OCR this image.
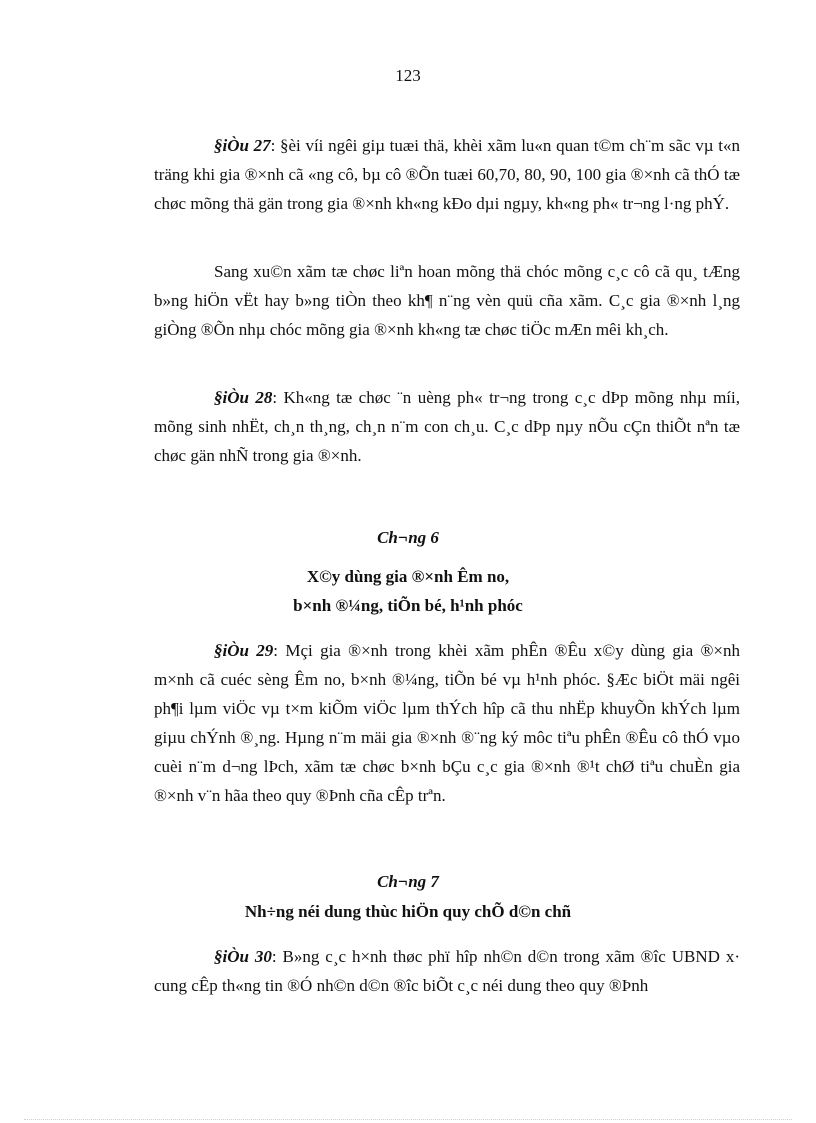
123

§iÒu 27: §èi víi ngêi giµ tuæi thä, khèi xãm lu«n quan t©m ch¨m sãc vµ t«n träng khi gia ®×nh cã «ng cô, bµ cô ®Õn tuæi 60,70, 80, 90, 100 gia ®×nh cã thÓ tæ chøc mõng thä gän trong gia ®×nh kh«ng kÐo dµi ngµy, kh«ng ph« tr¬ng l·ng phÝ.

Sang xu©n xãm tæ chøc liªn hoan mõng thä chóc mõng c¸c cô cã qu¸ tÆng b»ng hiÖn vËt hay b»ng tiÒn theo kh¶ n¨ng vèn quü cña xãm. C¸c gia ®×nh l¸ng giÒng ®Õn nhµ chóc mõng gia ®×nh kh«ng tæ chøc tiÖc mÆn mêi kh¸ch.

§iÒu 28: Kh«ng tæ chøc ¨n uèng ph« tr¬ng trong c¸c dÞp mõng nhµ míi, mõng sinh nhËt, ch¸n th¸ng, ch¸n n¨m con ch¸u. C¸c dÞp nµy nÕu cÇn thiÕt nªn tæ chøc gän nhÑ trong gia ®×nh.

Ch¬ng 6
X©y dùng gia ®×nh Êm no,
b×nh ®¼ng, tiÕn bé, h¹nh phóc

§iÒu 29: Mçi gia ®×nh trong khèi xãm phÊn ®Êu x©y dùng gia ®×nh m×nh cã cuéc sèng Êm no, b×nh ®¼ng, tiÕn bé vµ h¹nh phóc. §Æc biÖt mäi ngêi ph¶i lµm viÖc vµ t×m kiÕm viÖc lµm thÝch hîp cã thu nhËp khuyÕn khÝch lµm giµu chÝnh ®¸ng. Hµng n¨m mäi gia ®×nh ®¨ng ký môc tiªu phÊn ®Êu cô thÓ vµo cuèi n¨m d¬ng lÞch, xãm tæ chøc b×nh bÇu c¸c gia ®×nh ®¹t chØ tiªu chuÈn gia ®×nh v¨n hãa theo quy ®Þnh cña cÊp trªn.

Ch¬ng 7
Nh÷ng néi dung thùc hiÖn quy chÕ d©n chñ

§iÒu 30: B»ng c¸c h×nh thøc phï hîp nh©n d©n trong xãm ®îc UBND x· cung cÊp th«ng tin ®Ó nh©n d©n ®îc biÕt c¸c néi dung theo quy ®Þnh
